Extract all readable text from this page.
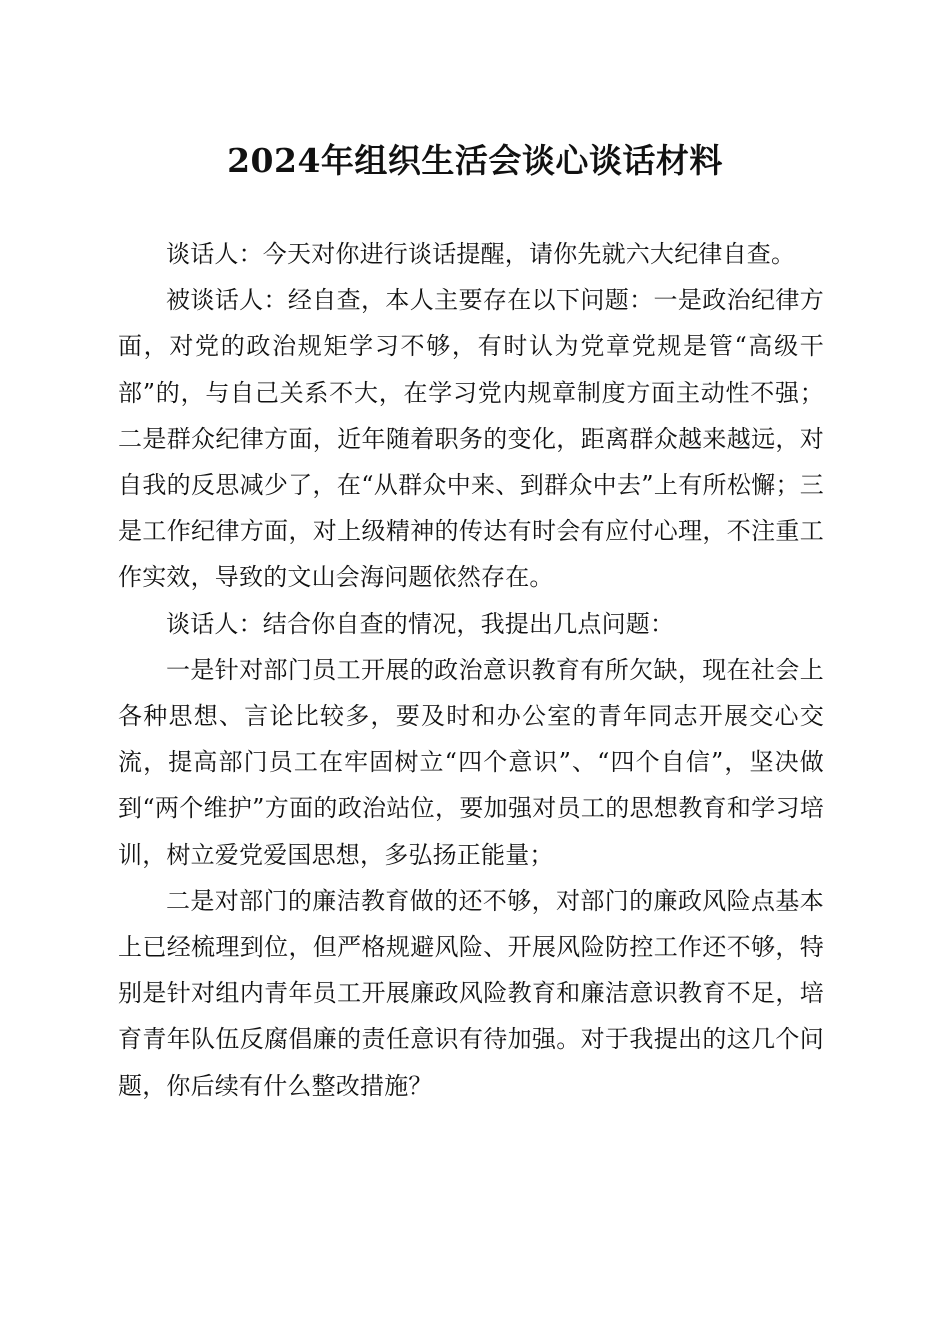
2024年组织生活会谈心谈话材料

谈话人：今天对你进行谈话提醒，请你先就六大纪律自查。

被谈话人：经自查，本人主要存在以下问题：一是政治纪律方面，对党的政治规矩学习不够，有时认为党章党规是管“高级干部”的，与自己关系不大，在学习党内规章制度方面主动性不强；二是群众纪律方面，近年随着职务的变化，距离群众越来越远，对自我的反思减少了，在“从群众中来、到群众中去”上有所松懈；三是工作纪律方面，对上级精神的传达有时会有应付心理，不注重工作实效，导致的文山会海问题依然存在。

谈话人：结合你自查的情况，我提出几点问题：

一是针对部门员工开展的政治意识教育有所欠缺，现在社会上各种思想、言论比较多，要及时和办公室的青年同志开展交心交流，提高部门员工在牢固树立“四个意识”、“四个自信”，坚决做到“两个维护”方面的政治站位，要加强对员工的思想教育和学习培训，树立爱党爱国思想，多弘扬正能量；

二是对部门的廉洁教育做的还不够，对部门的廉政风险点基本上已经梳理到位，但严格规避风险、开展风险防控工作还不够，特别是针对组内青年员工开展廉政风险教育和廉洁意识教育不足，培育青年队伍反腐倡廉的责任意识有待加强。对于我提出的这几个问题，你后续有什么整改措施？
